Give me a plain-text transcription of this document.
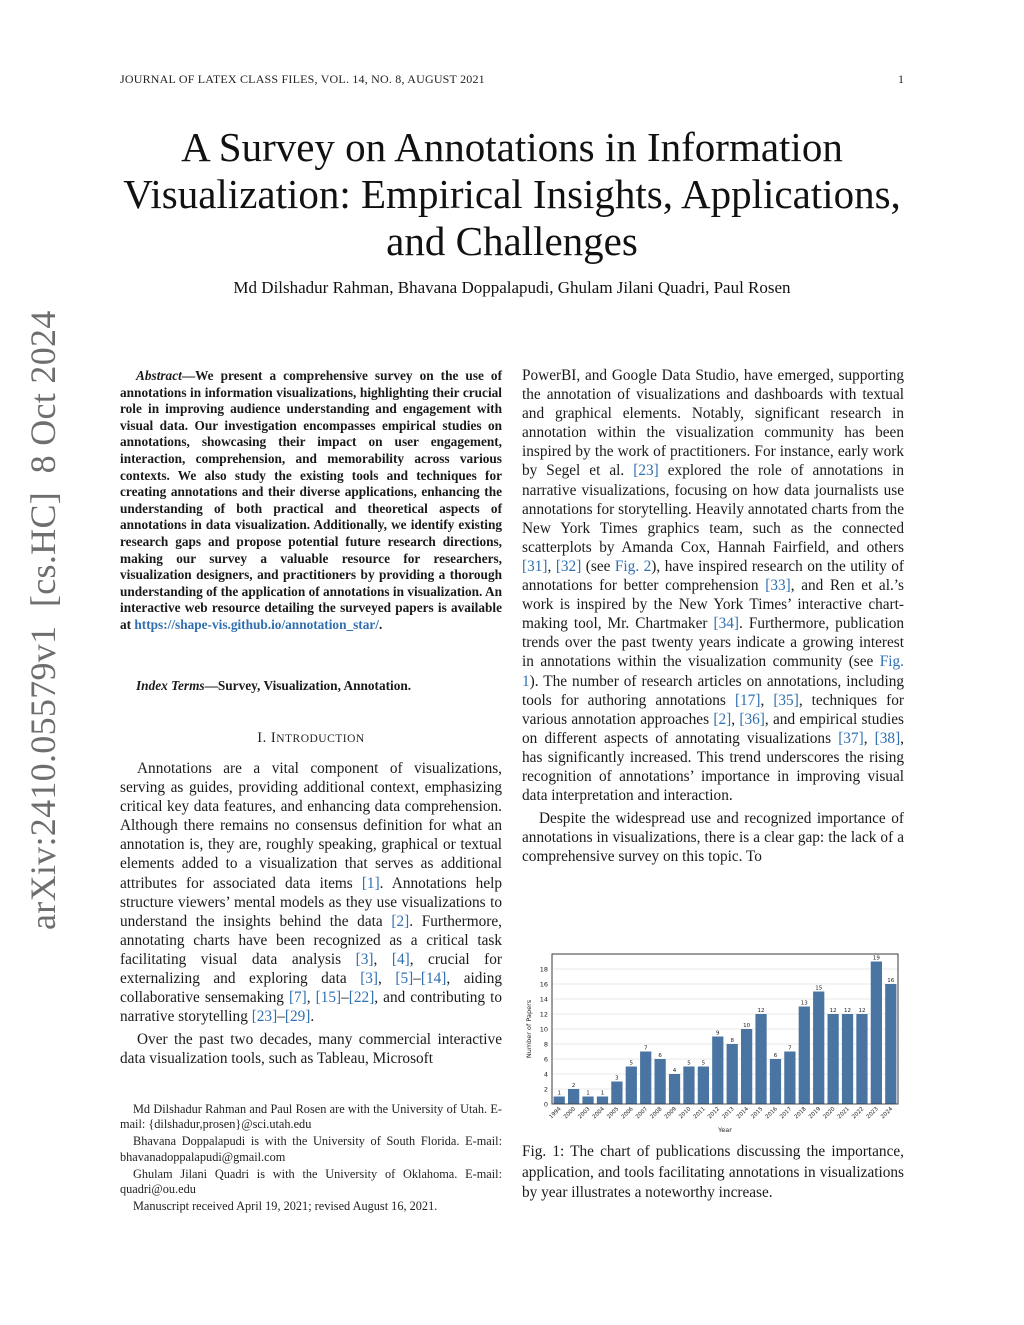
JOURNAL OF LATEX CLASS FILES, VOL. 14, NO. 8, AUGUST 2021	1
A Survey on Annotations in Information Visualization: Empirical Insights, Applications, and Challenges
Md Dilshadur Rahman, Bhavana Doppalapudi, Ghulam Jilani Quadri, Paul Rosen
arXiv:2410.05579v1  [cs.HC]  8 Oct 2024	Abstract—We present a comprehensive survey on the use of annotations in information visualizations, highlighting their crucial role in improving audience understanding and engagement with visual data. Our investigation encompasses empirical studies on annotations, showcasing their impact on user engagement, interaction, comprehension, and memorability across various contexts. We also study the existing tools and techniques for creating annotations and their diverse applications, enhancing the understanding of both practical and theoretical aspects of annotations in data visualization. Additionally, we identify existing research gaps and propose potential future research directions, making our survey a valuable resource for researchers, visualization designers, and practitioners by providing a thorough understanding of the application of annotations in visualization. An interactive web resource detailing the surveyed papers is available at https://shape-vis.github.io/annotation_star/.

Index Terms—Survey, Visualization, Annotation.

I. INTRODUCTION

Annotations are a vital component of visualizations, serving as guides, providing additional context, emphasizing critical key data features, and enhancing data comprehension. Although there remains no consensus definition for what an annotation is, they are, roughly speaking, graphical or textual elements added to a visualization that serves as additional attributes for associated data items [1]. Annotations help structure viewers’ mental models as they use visualizations to understand the insights behind the data [2]. Furthermore, annotating charts have been recognized as a critical task facilitating visual data analysis [3], [4], crucial for externalizing and exploring data [3], [5]–[14], aiding collaborative sensemaking [7], [15]–[22], and contributing to narrative storytelling [23]–[29].

Over the past two decades, many commercial interactive data visualization tools, such as Tableau, Microsoft

PowerBI, and Google Data Studio, have emerged, supporting the annotation of visualizations and dashboards with textual and graphical elements. Notably, significant research in annotation within the visualization community has been inspired by the work of practitioners. For instance, early work by Segel et al. [23] explored the role of annotations in narrative visualizations, focusing on how data journalists use annotations for storytelling. Heavily annotated charts from the New York Times graphics team, such as the connected scatterplots by Amanda Cox, Hannah Fairfield, and others [31], [32] (see Fig. 2), have inspired research on the utility of annotations for better comprehension [33], and Ren et al.’s work is inspired by the New York Times’ interactive chart-making tool, Mr. Chartmaker [34]. Furthermore, publication trends over the past twenty years indicate a growing interest in annotations within the visualization community (see Fig. 1). The number of research articles on annotations, including tools for authoring annotations [17], [35], techniques for various annotation approaches [2], [36], and empirical studies on different aspects of annotating visualizations [37], [38], has significantly increased. This trend underscores the rising recognition of annotations’ importance in improving visual data interpretation and interaction.

Despite the widespread use and recognized importance of annotations in visualizations, there is a clear gap: the lack of a comprehensive survey on this topic. To

Md Dilshadur Rahman and Paul Rosen are with the University of Utah. E-mail: {dilshadur,prosen}@sci.utah.edu

Bhavana Doppalapudi is with the University of South Florida. E-mail: bhavanadoppalapudi@gmail.com

Ghulam Jilani Quadri is with the University of Oklahoma. E-mail: quadri@ou.edu

Manuscript received April 19, 2021; revised August 16, 2021.

0
2
4
6
8
10
12
14
16
18
1
1994
2
2000
1
2003
1
2004
3
2005
5
2006
7
2007
6
2008
4
2009
5
2010
5
2011
9
2012
8
2013
10
2014
12
2015
6
2016
7
2017
13
2018
15
2019
12
2020
12
2021
12
2022
19
2023
16
2024
Year
Number of Papers
Fig. 1: The chart of publications discussing the importance, application, and tools facilitating annotations in visualizations by year illustrates a noteworthy increase.
